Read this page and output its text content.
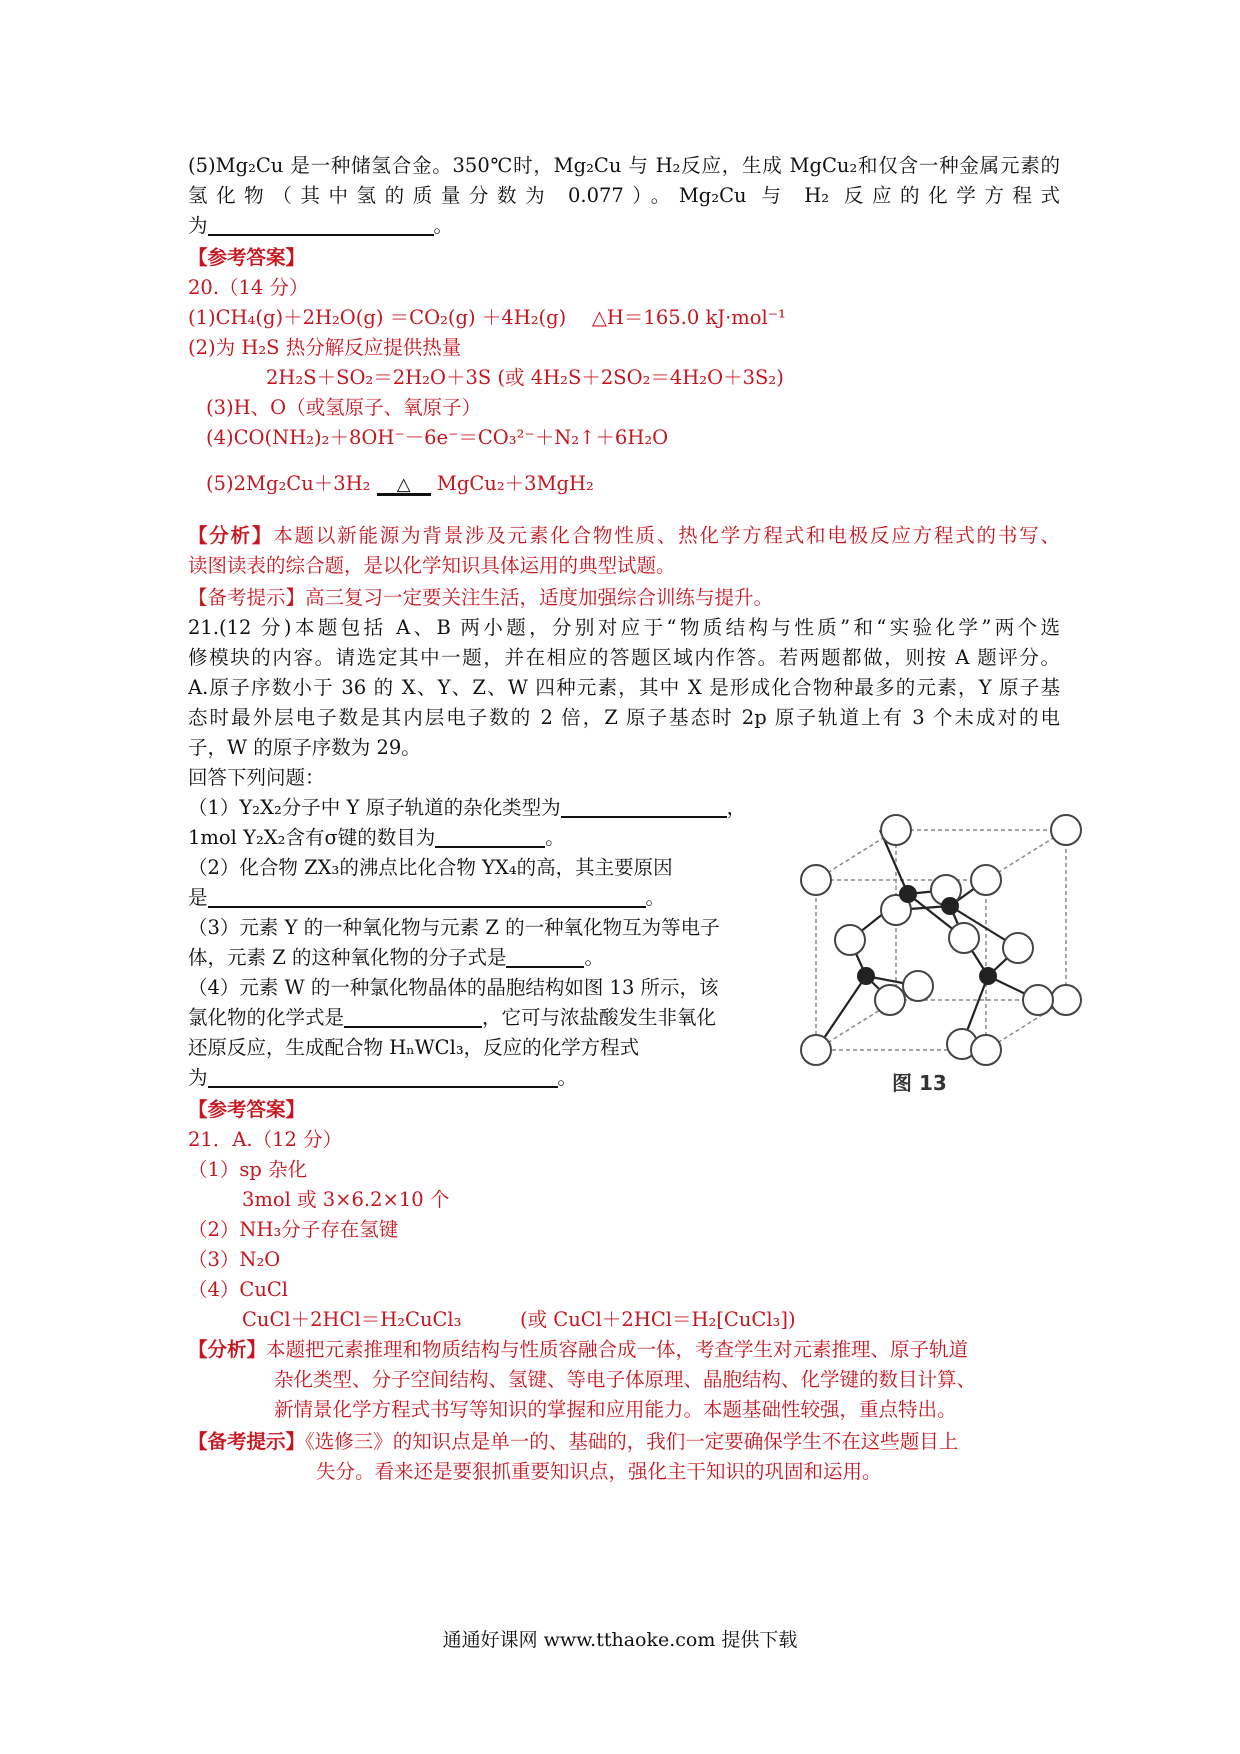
(5)Mg₂Cu 是一种储氢合金。350℃时，Mg₂Cu 与 H₂反应，生成 MgCu₂和仅含一种金属元素的
氢化物（其中氢的质量分数为 0.077）。Mg₂Cu 与 H₂ 反应的化学方程式
为	。
【参考答案】
20.（14 分）
(1)CH₄(g)＋2H₂O(g) ＝CO₂(g) ＋4H₂(g)　 △H＝165.0 kJ·mol⁻¹
(2)为 H₂S 热分解反应提供热量
2H₂S＋SO₂＝2H₂O＋3S (或 4H₂S＋2SO₂＝4H₂O＋3S₂)
(3)H、O（或氢原子、氧原子）
(4)CO(NH₂)₂＋8OH⁻－6e⁻＝CO₃²⁻＋N₂↑＋6H₂O
(5)2Mg₂Cu＋3H₂	△	MgCu₂＋3MgH₂
【分析】本题以新能源为背景涉及元素化合物性质、热化学方程式和电极反应方程式的书写、
读图读表的综合题，是以化学知识具体运用的典型试题。
【备考提示】高三复习一定要关注生活，适度加强综合训练与提升。
21.(12 分)本题包括 A、B 两小题，分别对应于“物质结构与性质”和“实验化学”两个选
修模块的内容。请选定其中一题，并在相应的答题区域内作答。若两题都做，则按 A 题评分。
A.原子序数小于 36 的 X、Y、Z、W 四种元素，其中 X 是形成化合物种最多的元素，Y 原子基
态时最外层电子数是其内层电子数的 2 倍，Z 原子基态时 2p 原子轨道上有 3 个未成对的电
子，W 的原子序数为 29。
回答下列问题：
（1）Y₂X₂分子中 Y 原子轨道的杂化类型为	，
1mol Y₂X₂含有σ键的数目为	。
（2）化合物 ZX₃的沸点比化合物 YX₄的高，其主要原因
是	。
（3）元素 Y 的一种氧化物与元素 Z 的一种氧化物互为等电子
体，元素 Z 的这种氧化物的分子式是	。
（4）元素 W 的一种氯化物晶体的晶胞结构如图 13 所示，该
氯化物的化学式是	，它可与浓盐酸发生非氧化
还原反应，生成配合物 HₙWCl₃，反应的化学方程式
为	。
【参考答案】
21．A.（12 分）
（1）sp 杂化
3mol 或 3×6.2×10 个
（2）NH₃分子存在氢键
（3）N₂O
（4）CuCl
CuCl＋2HCl＝H₂CuCl₃　　　(或 CuCl＋2HCl＝H₂[CuCl₃])
【分析】本题把元素推理和物质结构与性质容融合成一体，考查学生对元素推理、原子轨道
杂化类型、分子空间结构、氢键、等电子体原理、晶胞结构、化学键的数目计算、
新情景化学方程式书写等知识的掌握和应用能力。本题基础性较强，重点特出。
【备考提示】《选修三》的知识点是单一的、基础的，我们一定要确保学生不在这些题目上
失分。看来还是要狠抓重要知识点，强化主干知识的巩固和运用。
图 13
通通好课网 www.tthaoke.com 提供下载
